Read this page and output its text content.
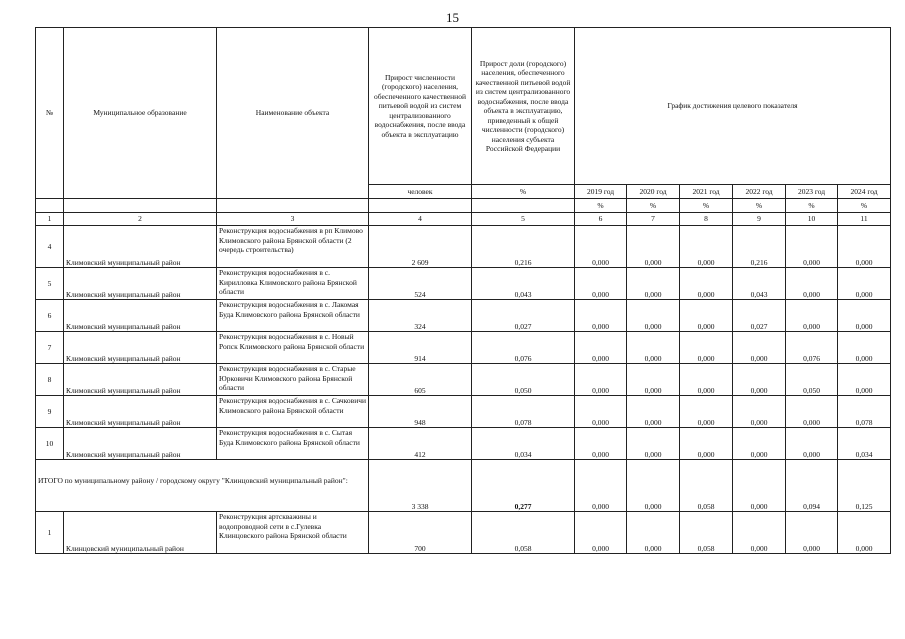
15
№	Муниципальное образование	Наименование объекта	Прирост численности (городского) населения, обеспеченного качественной питьевой водой из систем централизованного водоснабжения, после ввода объекта в эксплуатацию	Прирост доли (городского) населения, обеспеченного качественной питьевой водой из систем централизованного водоснабжения, после ввода объекта в эксплуатацию, приведенный к общей численности (городского) населения субъекта Российской Федерации	График достижения целевого показателя					
			человек	%	2019 год	2020 год	2021 год	2022 год	2023 год	2024 год
					%	%	%	%	%	%
1	2	3	4	5	6	7	8	9	10	11
4	Климовский муниципальный район	Реконструкция водоснабжения в рп Климово Климовского района Брянской области (2 очередь строительства)	2 609	0,216	0,000	0,000	0,000	0,216	0,000	0,000
5	Климовский муниципальный район	Реконструкция водоснабжения в с. Кирилловка Климовского района Брянской области	524	0,043	0,000	0,000	0,000	0,043	0,000	0,000
6	Климовский муниципальный район	Реконструкция водоснабжения в с. Лакомая Буда Климовского района Брянской области	324	0,027	0,000	0,000	0,000	0,027	0,000	0,000
7	Климовский муниципальный район	Реконструкция водоснабжения в с. Новый Ропск Климовского района Брянской области	914	0,076	0,000	0,000	0,000	0,000	0,076	0,000
8	Климовский муниципальный район	Реконструкция водоснабжения в с. Старые Юрковичи Климовского района Брянской области	605	0,050	0,000	0,000	0,000	0,000	0,050	0,000
9	Климовский муниципальный район	Реконструкция водоснабжения в с. Сачковичи Климовского района Брянской области	948	0,078	0,000	0,000	0,000	0,000	0,000	0,078
10	Климовский муниципальный район	Реконструкция водоснабжения в с. Сытая Буда Климовского района Брянской области	412	0,034	0,000	0,000	0,000	0,000	0,000	0,034
ИТОГО по муниципальному району / городскому округу "Клинцовский муниципальный район":			3 338	0,277	0,000	0,000	0,058	0,000	0,094	0,125
1	Клинцовский муниципальный район	Реконструкция артскважины и водопроводной сети в с.Гулевка Клинцовского района Брянской области	700	0,058	0,000	0,000	0,058	0,000	0,000	0,000
